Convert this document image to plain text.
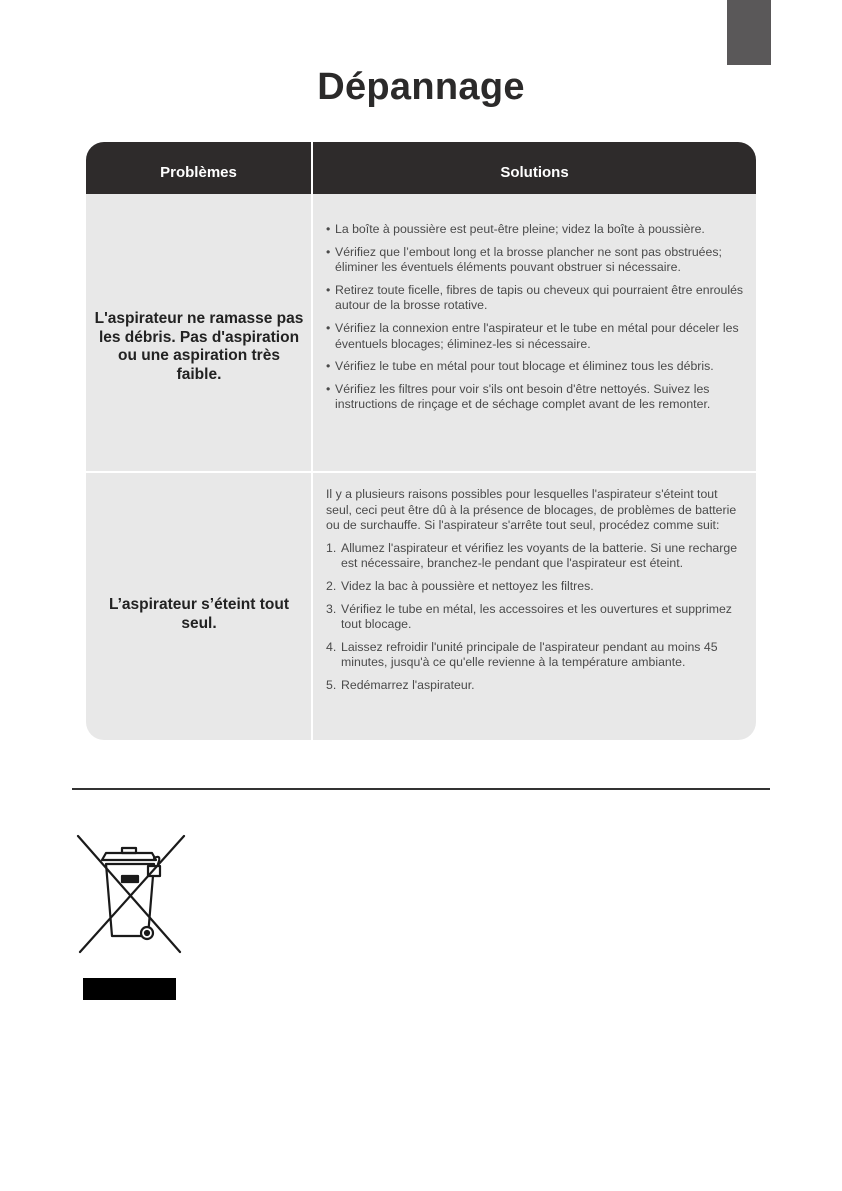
Dépannage
Problèmes	Solutions
L'aspirateur ne ramasse pas les débris. Pas d'aspiration ou une aspiration très faible.
• La boîte à poussière est peut-être pleine; videz la boîte à poussière.
• Vérifiez que l’embout long et la brosse plancher ne sont pas obstruées; éliminer les éventuels éléments pouvant obstruer si nécessaire.
• Retirez toute ficelle, fibres de tapis ou cheveux qui pourraient être enroulés autour de la brosse rotative.
• Vérifiez la connexion entre l'aspirateur et le tube en métal pour déceler les éventuels blocages; éliminez-les si nécessaire.
• Vérifiez le tube en métal pour tout blocage et éliminez tous les débris.
• Vérifiez les filtres pour voir s'ils ont besoin d'être nettoyés. Suivez les instructions de rinçage et de séchage complet avant de les remonter.
L’aspirateur s’éteint tout seul.
Il y a plusieurs raisons possibles pour lesquelles l'aspirateur s'éteint tout seul, ceci peut être dû à la présence de blocages, de problèmes de batterie ou de surchauffe. Si l'aspirateur s'arrête tout seul, procédez comme suit:
1. Allumez l'aspirateur et vérifiez les voyants de la batterie. Si une recharge est nécessaire, branchez-le pendant que l'aspirateur est éteint.
2. Videz la bac à poussière et nettoyez les filtres.
3. Vérifiez le tube en métal, les accessoires et les ouvertures et supprimez tout blocage.
4. Laissez refroidir l'unité principale de l'aspirateur pendant au moins 45 minutes, jusqu'à ce qu'elle revienne à la température ambiante.
5. Redémarrez l'aspirateur.
